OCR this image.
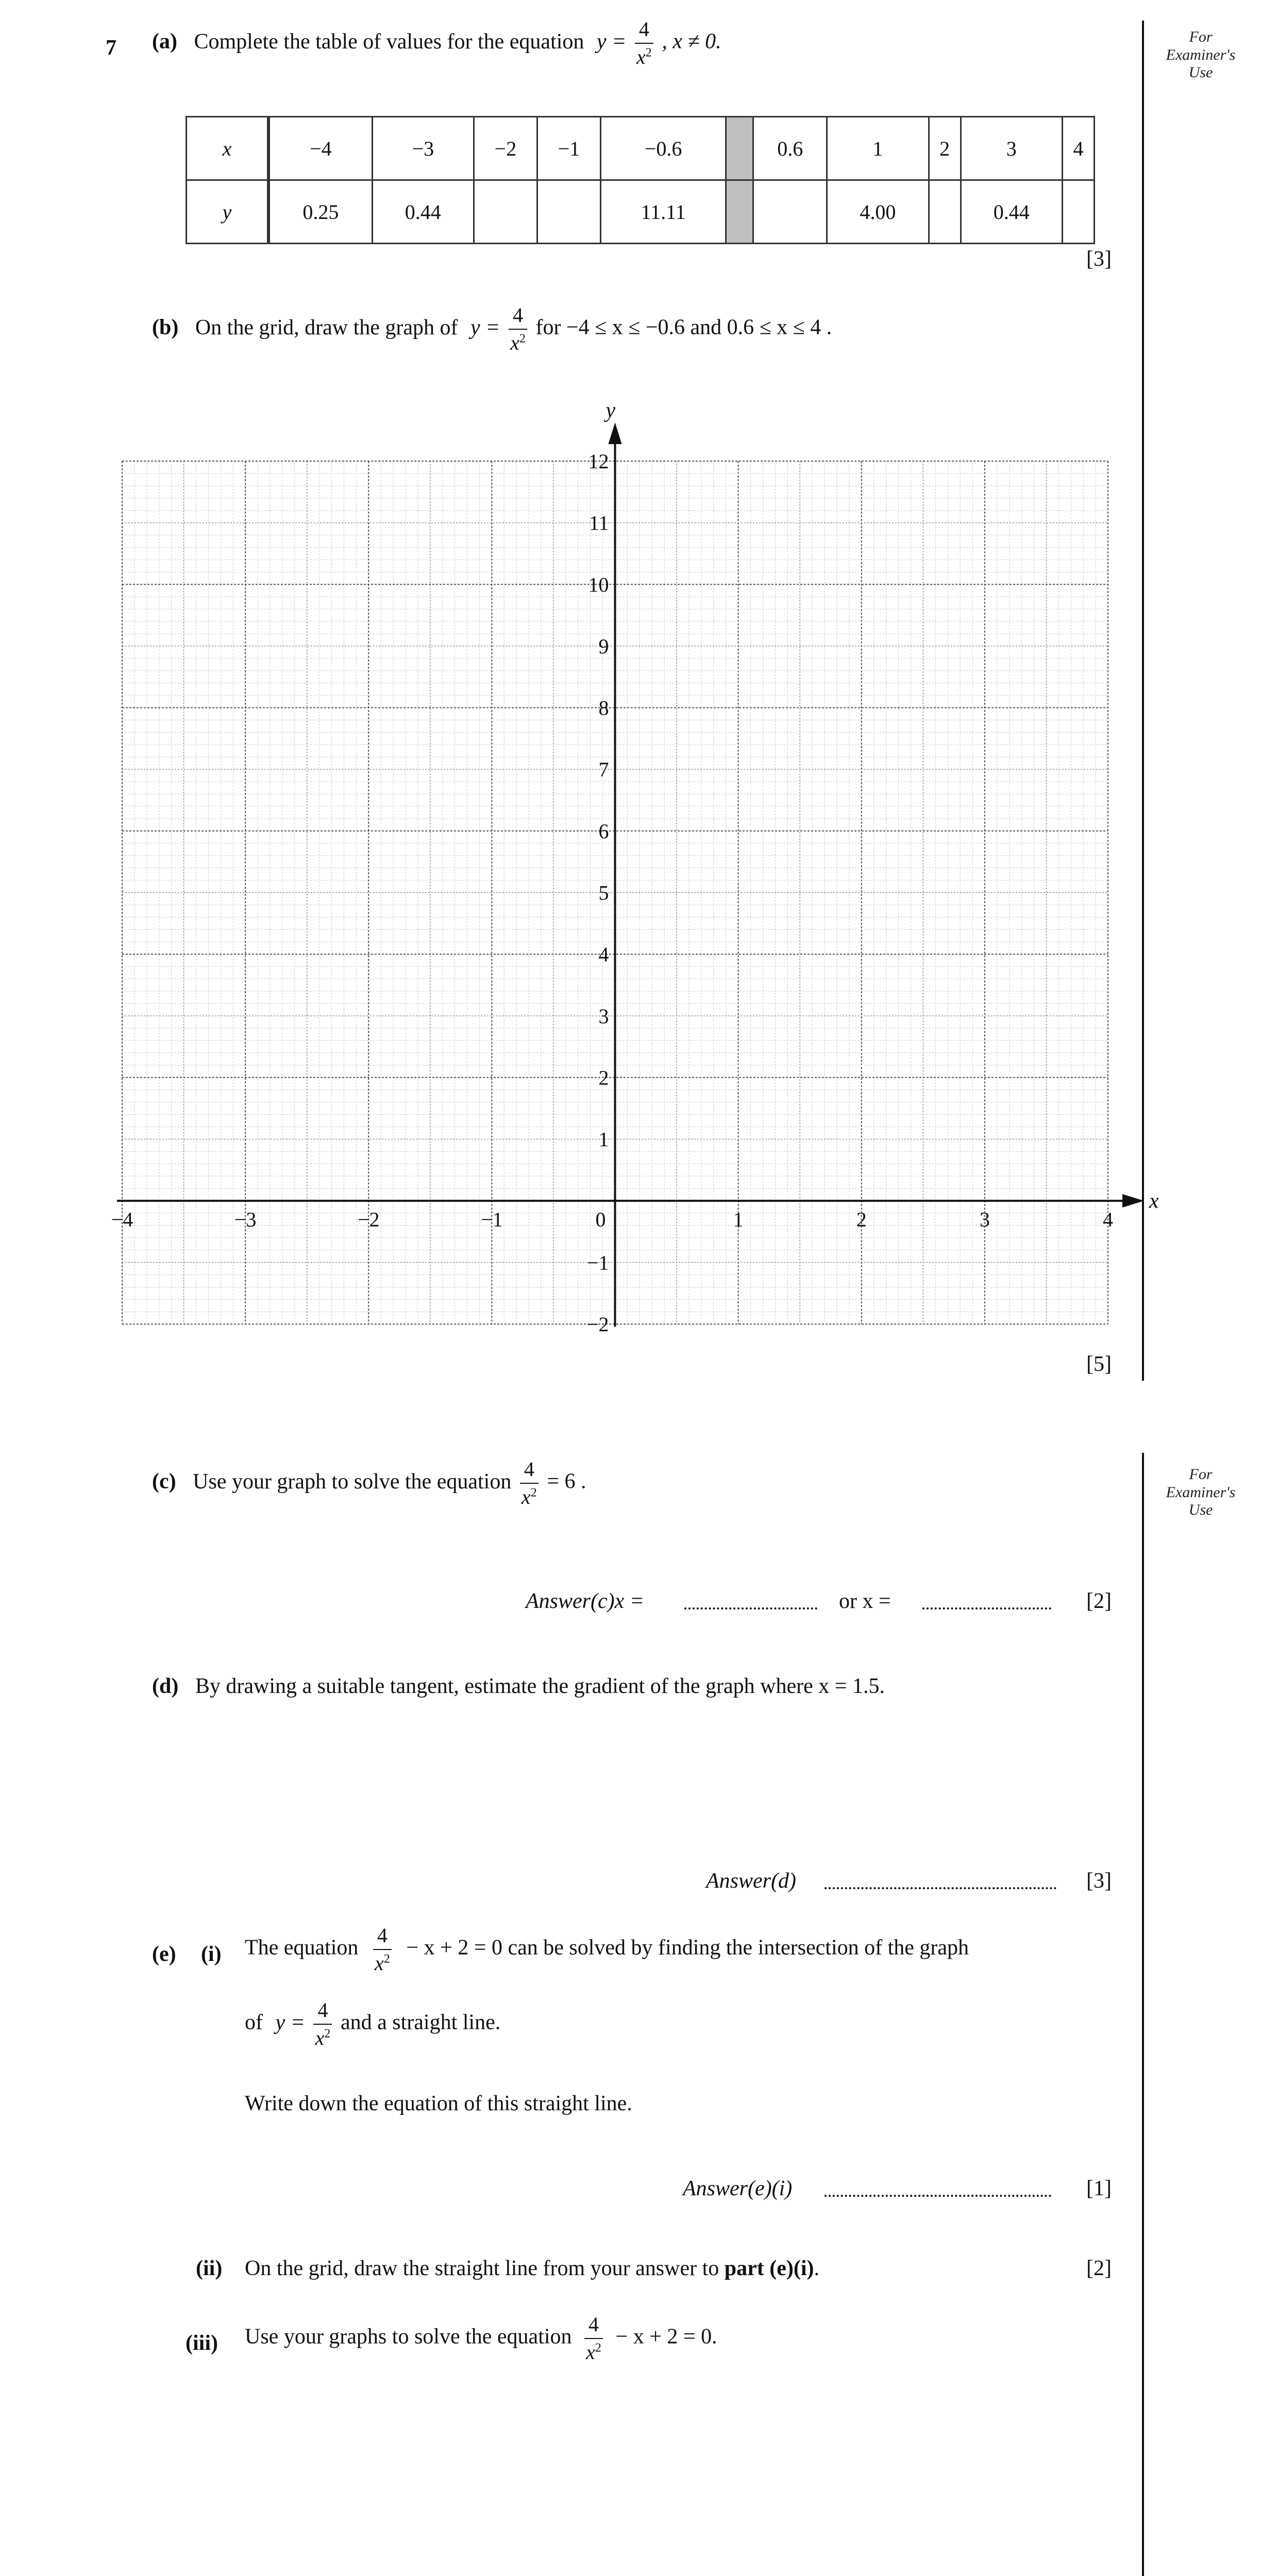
For
Examiner's
Use
For
Examiner's
Use
7 (a) Complete the table of values for the equation $y = \frac{4}{x^2}$ , x ≠ 0.
x	−4	−3	−2	−1	−0.6		0.6	1	2	3	4
y	0.25	0.44			11.11			4.00		0.44	
[3]
(b) On the grid, draw the graph of $y = \frac{4}{x^2}$ for −4 ≤ x ≤ −0.6 and 0.6 ≤ x ≤ 4 .
−4	−3	−2	−1	0	1	2	3	4
−2
−1
1
2
3
4
5
6
7
8
9
10
11
12
x
y
[5]
(c) Use your graph to solve the equation $\frac{4}{x^2} = 6$ .
Answer(c)x =	or x =	[2]
(d) By drawing a suitable tangent, estimate the gradient of the graph where x = 1.5.
Answer(d)	[3]
(e) (i) The equation $\frac{4}{x^2} - x + 2 = 0$ can be solved by finding the intersection of the graph
of $y = \frac{4}{x^2}$ and a straight line.
Write down the equation of this straight line.
Answer(e)(i)	[1]
(ii) On the grid, draw the straight line from your answer to part (e)(i).	[2]
(iii) Use your graphs to solve the equation $\frac{4}{x^2} - x + 2 = 0$.
